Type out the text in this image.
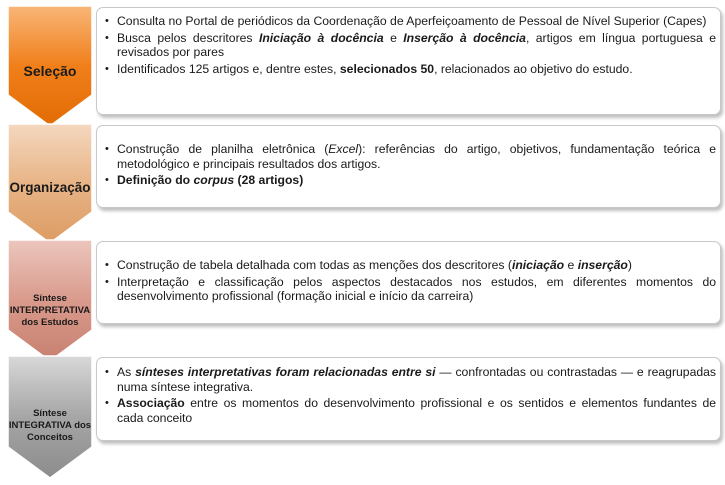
Seleção
Organização
Síntese
INTERPRETATIVA
dos Estudos
Síntese
INTEGRATIVA dos
Conceitos
• Consulta no Portal de periódicos da Coordenação de Aperfeiçoamento de Pessoal de Nível Superior (Capes)
• Busca pelos descritores Iniciação à docência e Inserção à docência, artigos em língua portuguesa e revisados por pares
• Identificados 125 artigos e, dentre estes, selecionados 50, relacionados ao objetivo do estudo.
• Construção de planilha eletrônica (Excel): referências do artigo, objetivos, fundamentação teórica e metodológico e principais resultados dos artigos.
• Definição do corpus (28 artigos)
• Construção de tabela detalhada com todas as menções dos descritores (iniciação e inserção)
• Interpretação e classificação pelos aspectos destacados nos estudos, em diferentes momentos do desenvolvimento profissional (formação inicial e início da carreira)
• As sínteses interpretativas foram relacionadas entre si — confrontadas ou contrastadas — e reagrupadas numa síntese integrativa.
• Associação entre os momentos do desenvolvimento profissional e os sentidos e elementos fundantes de cada conceito
